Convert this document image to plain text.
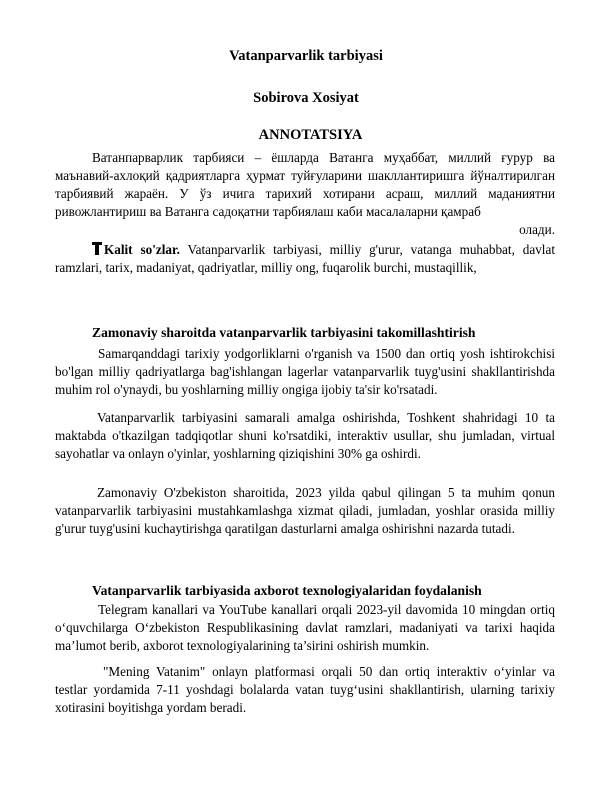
Vatanparvarlik tarbiyasi
Sobirova Xosiyat
ANNOTATSIYA

Ватанпарварлик тарбияси – ёшларда Ватанга муҳаббат, миллий ғурур ва маънавий-ахлоқий қадриятларга ҳурмат туйғуларини шакллантиришга йўналтирилган тарбиявий жараён. У ўз ичига тарихий хотирани асраш, миллий маданиятни ривожлантириш ва Ватанга садоқатни тарбиялаш каби масалаларни қамраб
олади.

Kalit so'zlar. Vatanparvarlik tarbiyasi, milliy g'urur, vatanga muhabbat, davlat ramzlari, tarix, madaniyat, qadriyatlar, milliy ong, fuqarolik burchi, mustaqillik,

Zamonaviy sharoitda vatanparvarlik tarbiyasini takomillashtirish

Samarqanddagi tarixiy yodgorliklarni o'rganish va 1500 dan ortiq yosh ishtirokchisi bo'lgan milliy qadriyatlarga bag'ishlangan lagerlar vatanparvarlik tuyg'usini shakllantirishda muhim rol o'ynaydi, bu yoshlarning milliy ongiga ijobiy ta'sir ko'rsatadi.

Vatanparvarlik tarbiyasini samarali amalga oshirishda, Toshkent shahridagi 10 ta maktabda o'tkazilgan tadqiqotlar shuni ko'rsatdiki, interaktiv usullar, shu jumladan, virtual sayohatlar va onlayn o'yinlar, yoshlarning qiziqishini 30% ga oshirdi.

Zamonaviy O'zbekiston sharoitida, 2023 yilda qabul qilingan 5 ta muhim qonun vatanparvarlik tarbiyasini mustahkamlashga xizmat qiladi, jumladan, yoshlar orasida milliy g'urur tuyg'usini kuchaytirishga qaratilgan dasturlarni amalga oshirishni nazarda tutadi.

Vatanparvarlik tarbiyasida axborot texnologiyalaridan foydalanish

Telegram kanallari va YouTube kanallari orqali 2023-yil davomida 10 mingdan ortiq o‘quvchilarga O‘zbekiston Respublikasining davlat ramzlari, madaniyati va tarixi haqida ma’lumot berib, axborot texnologiyalarining ta’sirini oshirish mumkin.

"Mening Vatanim" onlayn platformasi orqali 50 dan ortiq interaktiv o‘yinlar va testlar yordamida 7-11 yoshdagi bolalarda vatan tuyg‘usini shakllantirish, ularning tarixiy xotirasini boyitishga yordam beradi.
